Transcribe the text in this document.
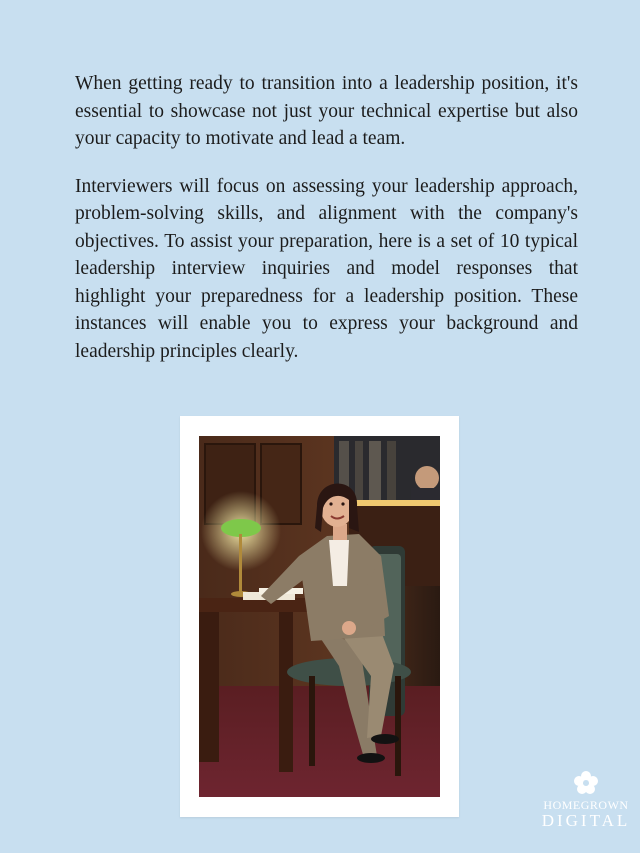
When getting ready to transition into a leadership position, it's essential to showcase not just your technical expertise but also your capacity to motivate and lead a team.

Interviewers will focus on assessing your leadership approach, problem-solving skills, and alignment with the company's objectives. To assist your preparation, here is a set of 10 typical leadership interview inquiries and model responses that highlight your preparedness for a leadership position. These instances will enable you to express your background and leadership principles clearly.

HOMEGROWN
DIGITAL
